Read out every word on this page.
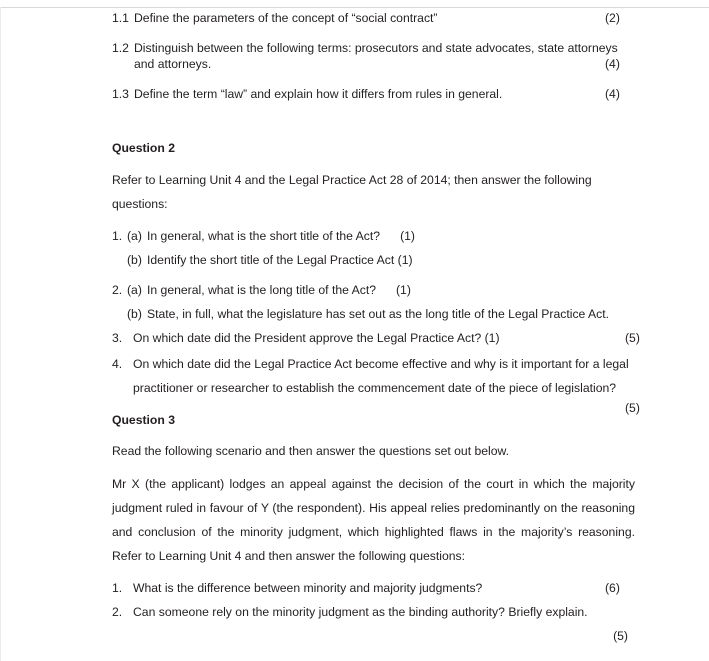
1.1 Define the parameters of the concept of “social contract”	(2)
1.2 Distinguish between the following terms: prosecutors and state advocates, state attorneys and attorneys.	(4)
1.3 Define the term “law” and explain how it differs from rules in general.	(4)
Question 2
Refer to Learning Unit 4 and the Legal Practice Act 28 of 2014; then answer the following questions:
1. (a) In general, what is the short title of the Act? (1)
(b) Identify the short title of the Legal Practice Act (1)
2. (a) In general, what is the long title of the Act? (1)
(b) State, in full, what the legislature has set out as the long title of the Legal Practice Act.
(5)
3. On which date did the President approve the Legal Practice Act? (1)
4. On which date did the Legal Practice Act become effective and why is it important for a legal practitioner or researcher to establish the commencement date of the piece of legislation?
(5)
Question 3
Read the following scenario and then answer the questions set out below.
Mr X (the applicant) lodges an appeal against the decision of the court in which the majority judgment ruled in favour of Y (the respondent). His appeal relies predominantly on the reasoning and conclusion of the minority judgment, which highlighted flaws in the majority’s reasoning. Refer to Learning Unit 4 and then answer the following questions:
1. What is the difference between minority and majority judgments?	(6)
2. Can someone rely on the minority judgment as the binding authority? Briefly explain.
(5)
